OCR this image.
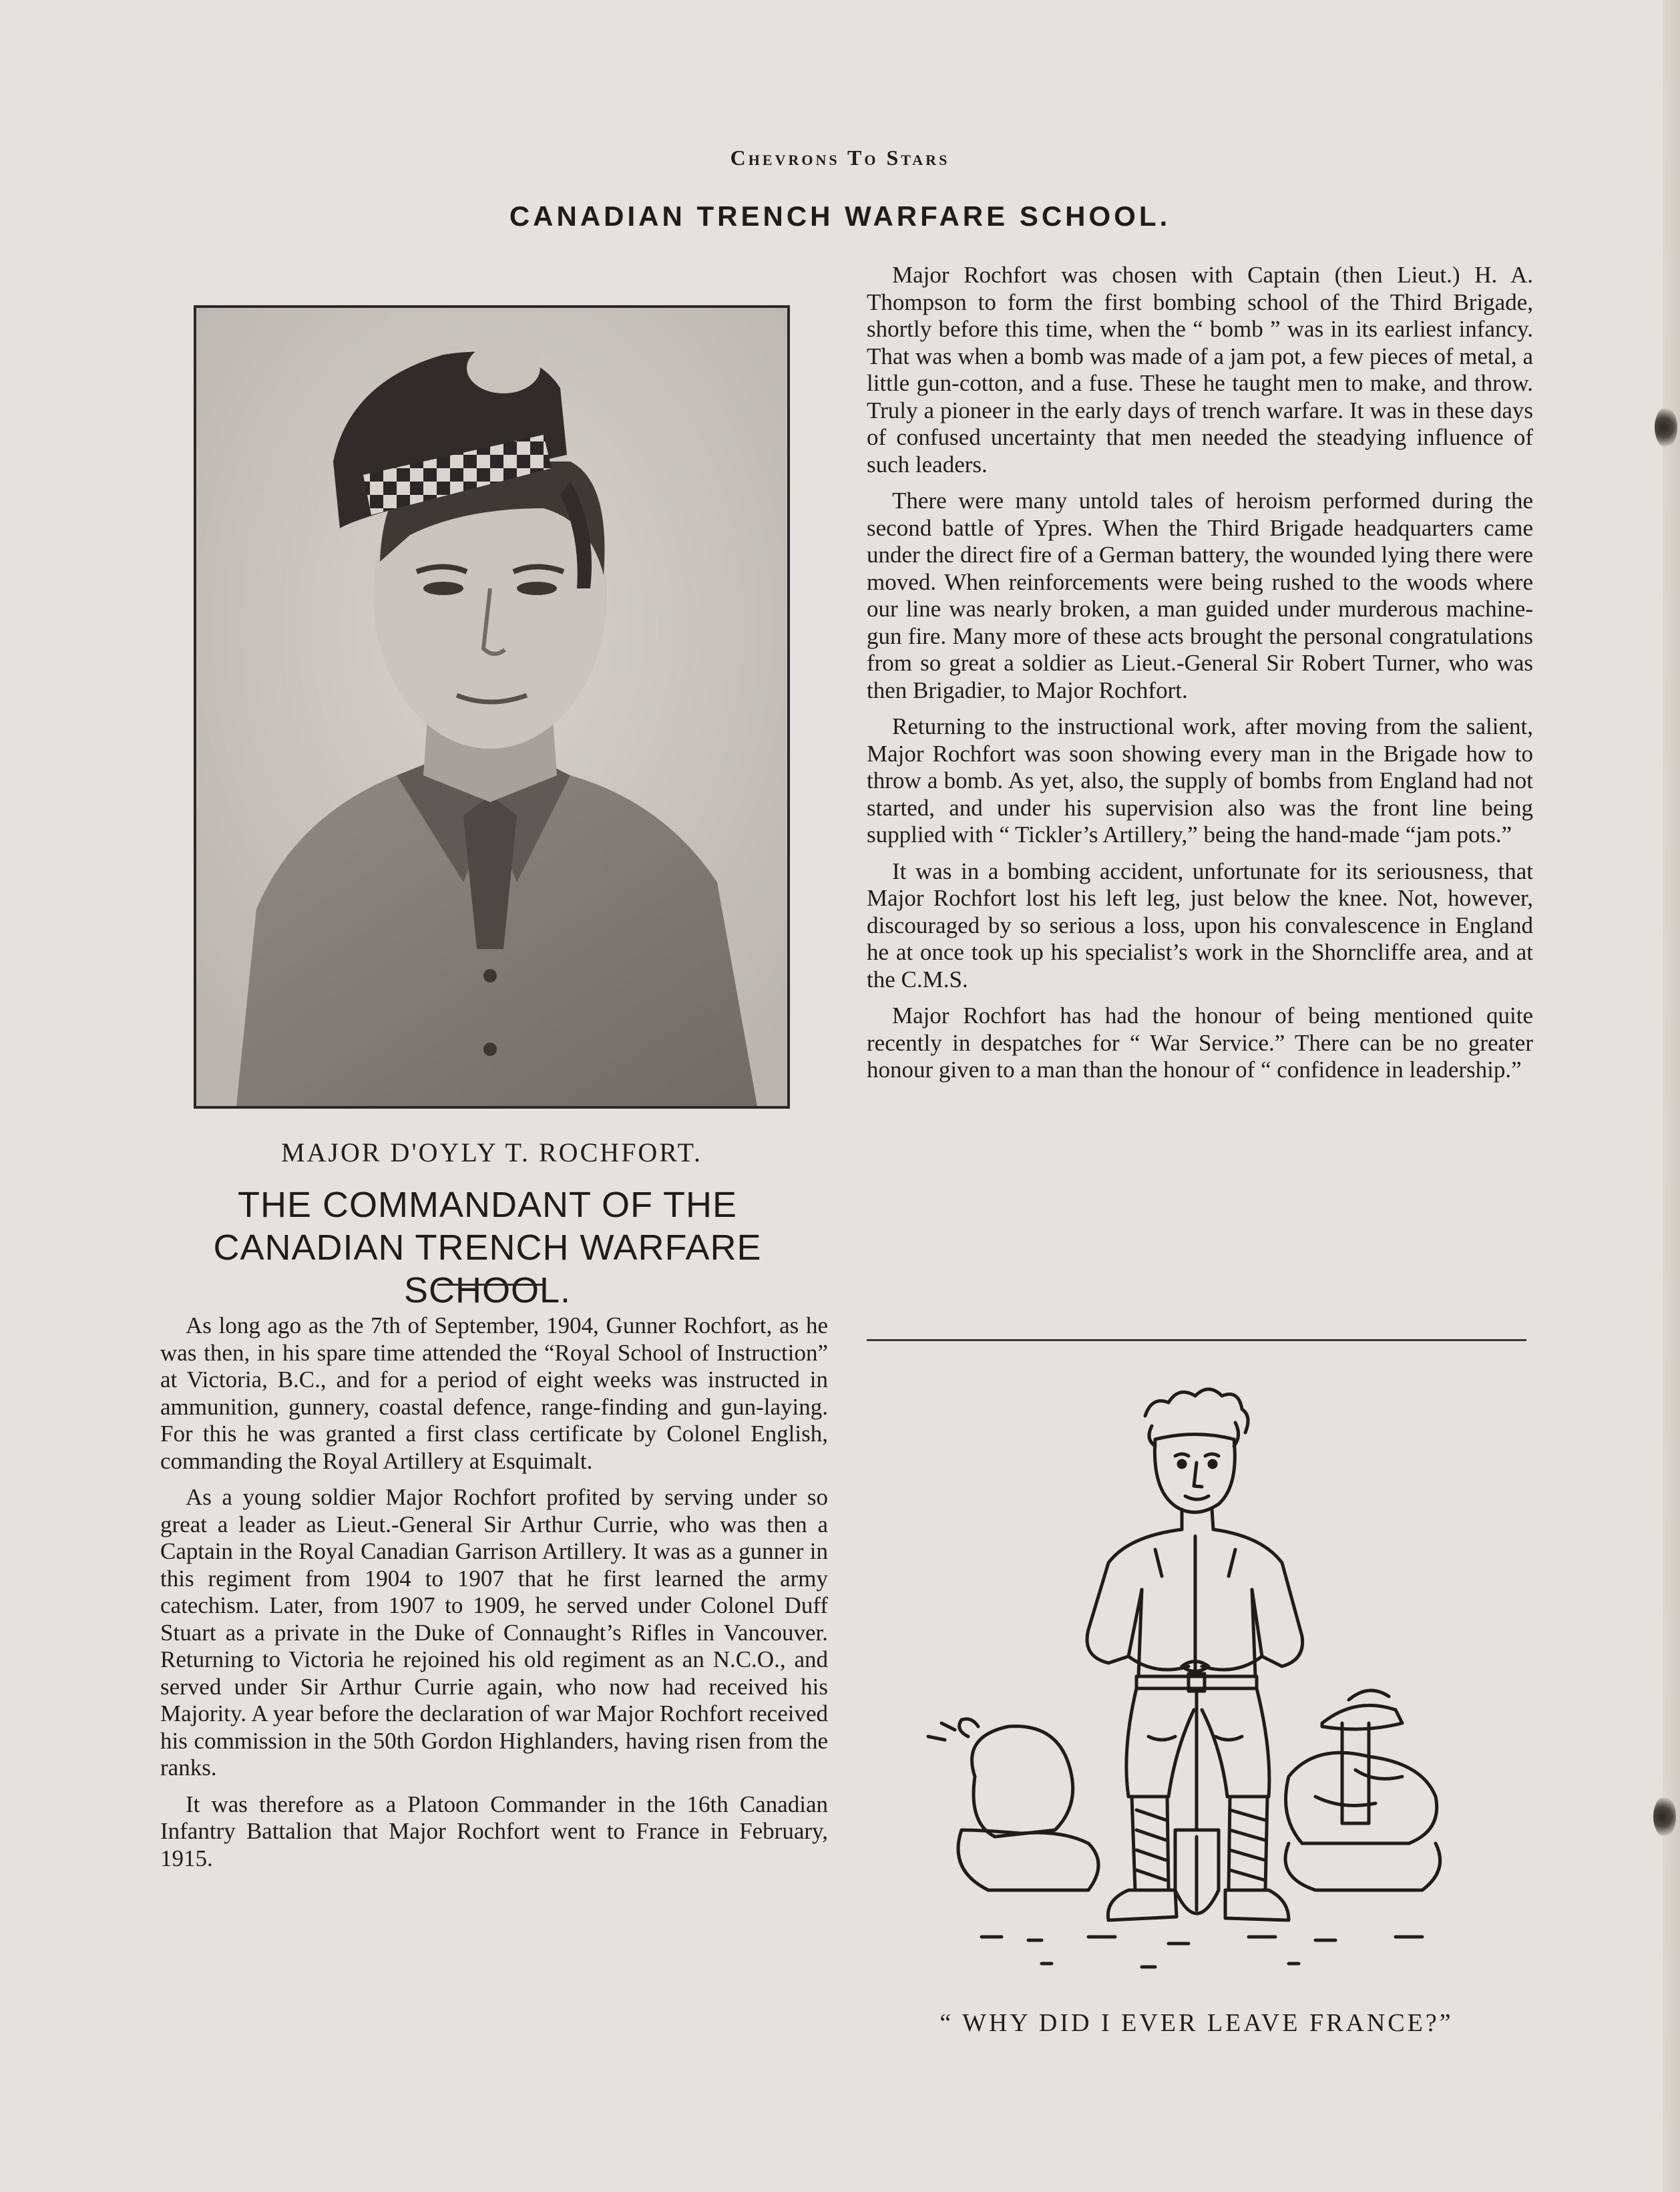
Chevrons To Stars
CANADIAN TRENCH WARFARE SCHOOL.
MAJOR D'OYLY T. ROCHFORT.
THE COMMANDANT OF THE CANADIAN TRENCH WARFARE SCHOOL.

As long ago as the 7th of September, 1904, Gunner Rochfort, as he was then, in his spare time attended the “Royal School of Instruction” at Victoria, B.C., and for a period of eight weeks was instructed in ammunition, gunnery, coastal defence, range-finding and gun-laying. For this he was granted a first class certificate by Colonel English, commanding the Royal Artillery at Esquimalt.

As a young soldier Major Rochfort profited by serving under so great a leader as Lieut.-General Sir Arthur Currie, who was then a Captain in the Royal Canadian Garrison Artillery. It was as a gunner in this regiment from 1904 to 1907 that he first learned the army catechism. Later, from 1907 to 1909, he served under Colonel Duff Stuart as a private in the Duke of Connaught’s Rifles in Vancouver. Returning to Victoria he rejoined his old regiment as an N.C.O., and served under Sir Arthur Currie again, who now had received his Majority. A year before the declaration of war Major Rochfort received his commission in the 50th Gordon Highlanders, having risen from the ranks.

It was therefore as a Platoon Commander in the 16th Canadian Infantry Battalion that Major Rochfort went to France in February, 1915.

Major Rochfort was chosen with Captain (then Lieut.) H. A. Thompson to form the first bombing school of the Third Brigade, shortly before this time, when the “ bomb ” was in its earliest infancy. That was when a bomb was made of a jam pot, a few pieces of metal, a little gun-cotton, and a fuse. These he taught men to make, and throw. Truly a pioneer in the early days of trench warfare. It was in these days of confused uncertainty that men needed the steadying influence of such leaders.

There were many untold tales of heroism performed during the second battle of Ypres. When the Third Brigade headquarters came under the direct fire of a German battery, the wounded lying there were moved. When reinforcements were being rushed to the woods where our line was nearly broken, a man guided under murderous machine-gun fire. Many more of these acts brought the personal congratulations from so great a soldier as Lieut.-General Sir Robert Turner, who was then Brigadier, to Major Rochfort.

Returning to the instructional work, after moving from the salient, Major Rochfort was soon showing every man in the Brigade how to throw a bomb. As yet, also, the supply of bombs from England had not started, and under his supervision also was the front line being supplied with “ Tickler’s Artillery,” being the hand-made “jam pots.”

It was in a bombing accident, unfortunate for its seriousness, that Major Rochfort lost his left leg, just below the knee. Not, however, discouraged by so serious a loss, upon his convalescence in England he at once took up his specialist’s work in the Shorncliffe area, and at the C.M.S.

Major Rochfort has had the honour of being mentioned quite recently in despatches for “ War Service.” There can be no greater honour given to a man than the honour of “ confidence in leadership.”

“ WHY DID I EVER LEAVE FRANCE?”
